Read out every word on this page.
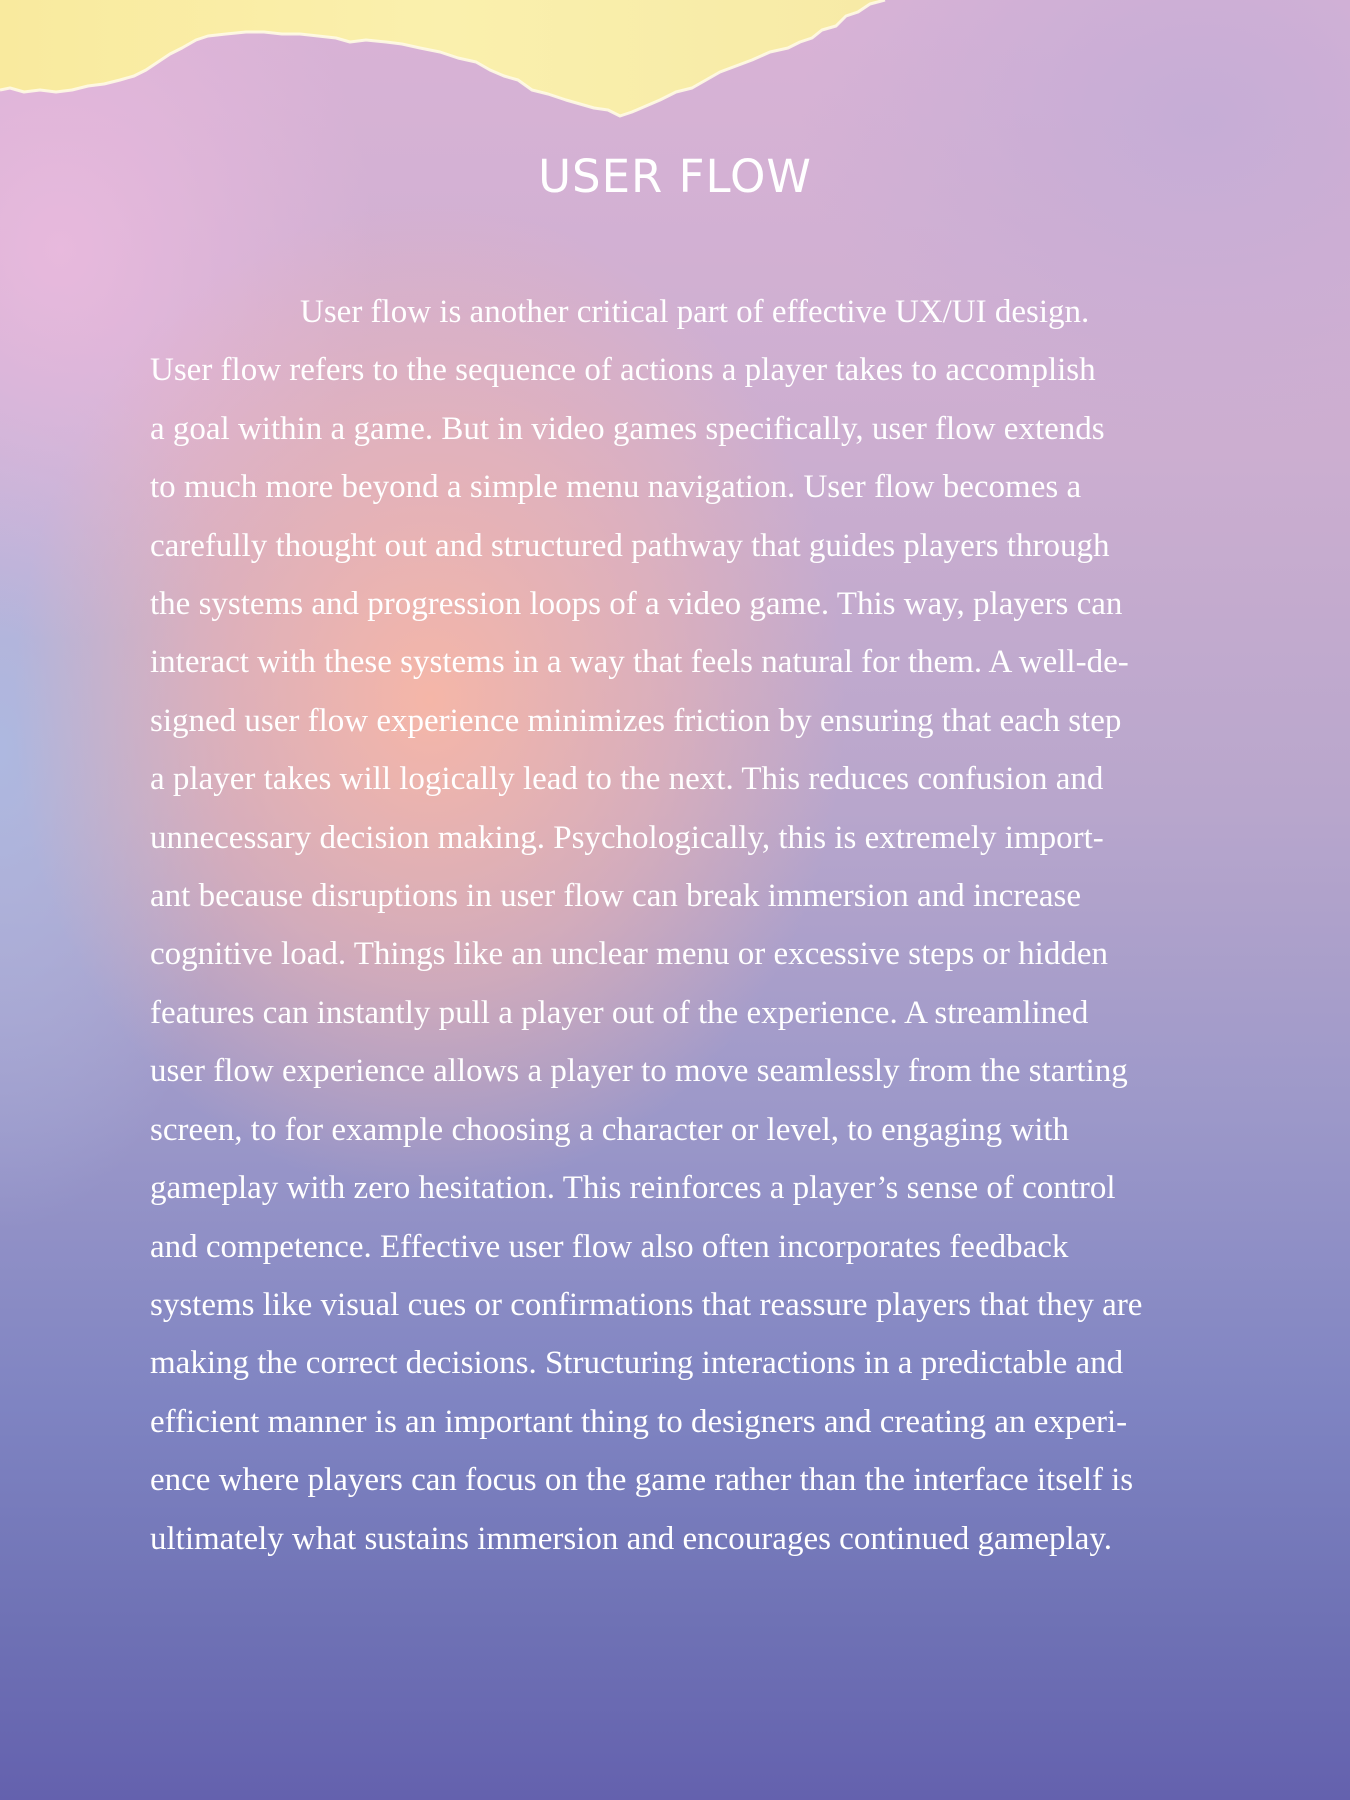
USER FLOW
User flow is another critical part of effective UX/UI design.
User flow refers to the sequence of actions a player takes to accomplish
a goal within a game. But in video games specifically, user flow extends
to much more beyond a simple menu navigation. User flow becomes a
carefully thought out and structured pathway that guides players through
the systems and progression loops of a video game. This way, players can
interact with these systems in a way that feels natural for them. A well-de-
signed user flow experience minimizes friction by ensuring that each step
a player takes will logically lead to the next. This reduces confusion and
unnecessary decision making. Psychologically, this is extremely import-
ant because disruptions in user flow can break immersion and increase
cognitive load. Things like an unclear menu or excessive steps or hidden
features can instantly pull a player out of the experience. A streamlined
user flow experience allows a player to move seamlessly from the starting
screen, to for example choosing a character or level, to engaging with
gameplay with zero hesitation. This reinforces a player’s sense of control
and competence. Effective user flow also often incorporates feedback
systems like visual cues or confirmations that reassure players that they are
making the correct decisions. Structuring interactions in a predictable and
efficient manner is an important thing to designers and creating an experi-
ence where players can focus on the game rather than the interface itself is
ultimately what sustains immersion and encourages continued gameplay.
